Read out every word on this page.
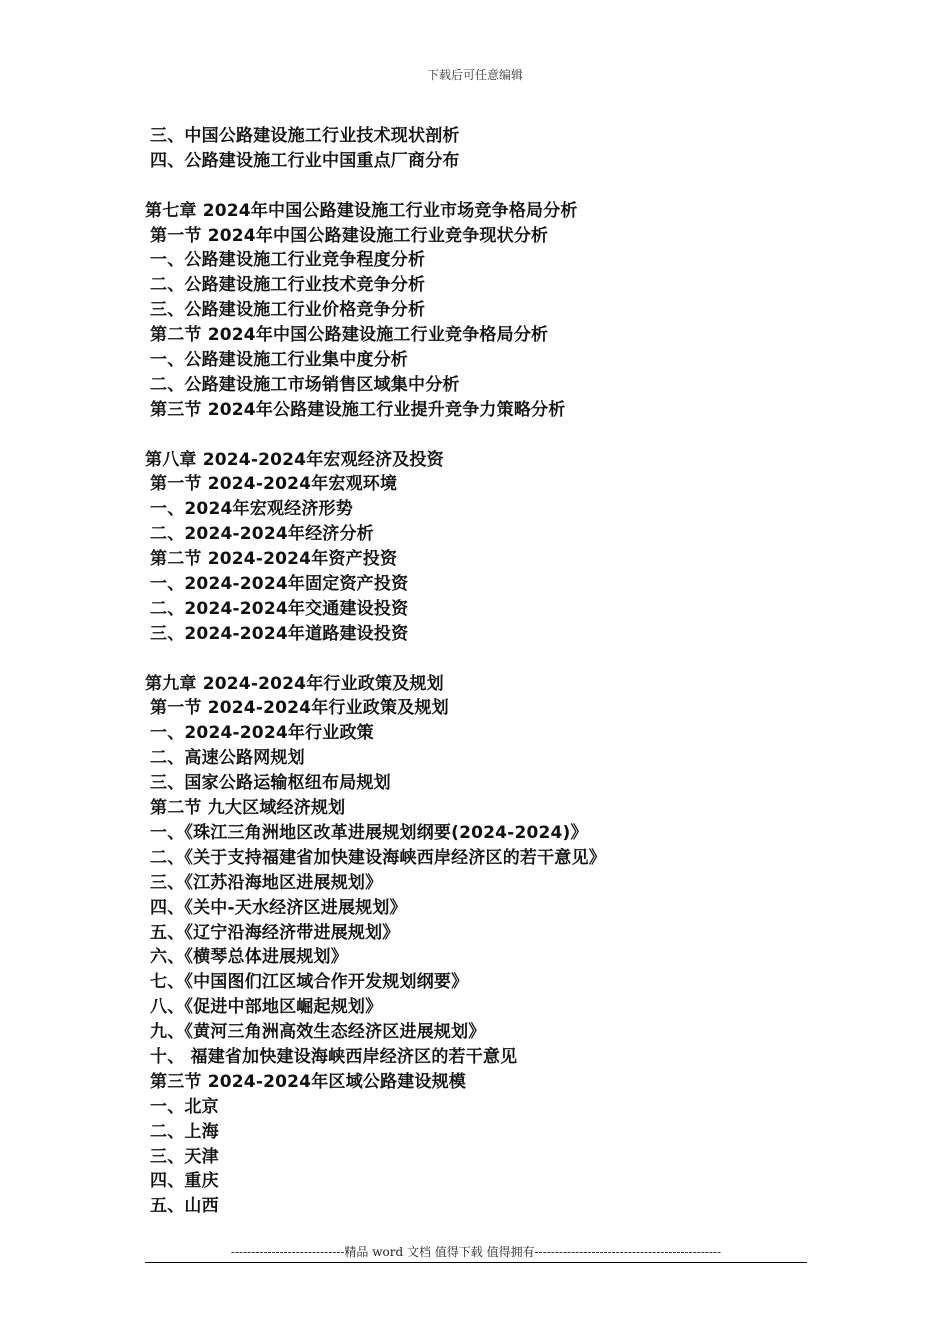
下载后可任意编辑
三、中国公路建设施工行业技术现状剖析
四、公路建设施工行业中国重点厂商分布
第七章 2024年中国公路建设施工行业市场竞争格局分析
第一节 2024年中国公路建设施工行业竞争现状分析
一、公路建设施工行业竞争程度分析
二、公路建设施工行业技术竞争分析
三、公路建设施工行业价格竞争分析
第二节 2024年中国公路建设施工行业竞争格局分析
一、公路建设施工行业集中度分析
二、公路建设施工市场销售区域集中分析
第三节 2024年公路建设施工行业提升竞争力策略分析
第八章 2024-2024年宏观经济及投资
第一节 2024-2024年宏观环境
一、2024年宏观经济形势
二、2024-2024年经济分析
第二节 2024-2024年资产投资
一、2024-2024年固定资产投资
二、2024-2024年交通建设投资
三、2024-2024年道路建设投资
第九章 2024-2024年行业政策及规划
第一节 2024-2024年行业政策及规划
一、2024-2024年行业政策
二、高速公路网规划
三、国家公路运输枢纽布局规划
第二节 九大区域经济规划
一、《珠江三角洲地区改革进展规划纲要(2024-2024)》
二、《关于支持福建省加快建设海峡西岸经济区的若干意见》
三、《江苏沿海地区进展规划》
四、《关中-天水经济区进展规划》
五、《辽宁沿海经济带进展规划》
六、《横琴总体进展规划》
七、《中国图们江区域合作开发规划纲要》
八、《促进中部地区崛起规划》
九、《黄河三角洲高效生态经济区进展规划》
十、 福建省加快建设海峡西岸经济区的若干意见
第三节 2024-2024年区域公路建设规模
一、北京
二、上海
三、天津
四、重庆
五、山西
----------------------------精品 word 文档 值得下载 值得拥有----------------------------------------------
